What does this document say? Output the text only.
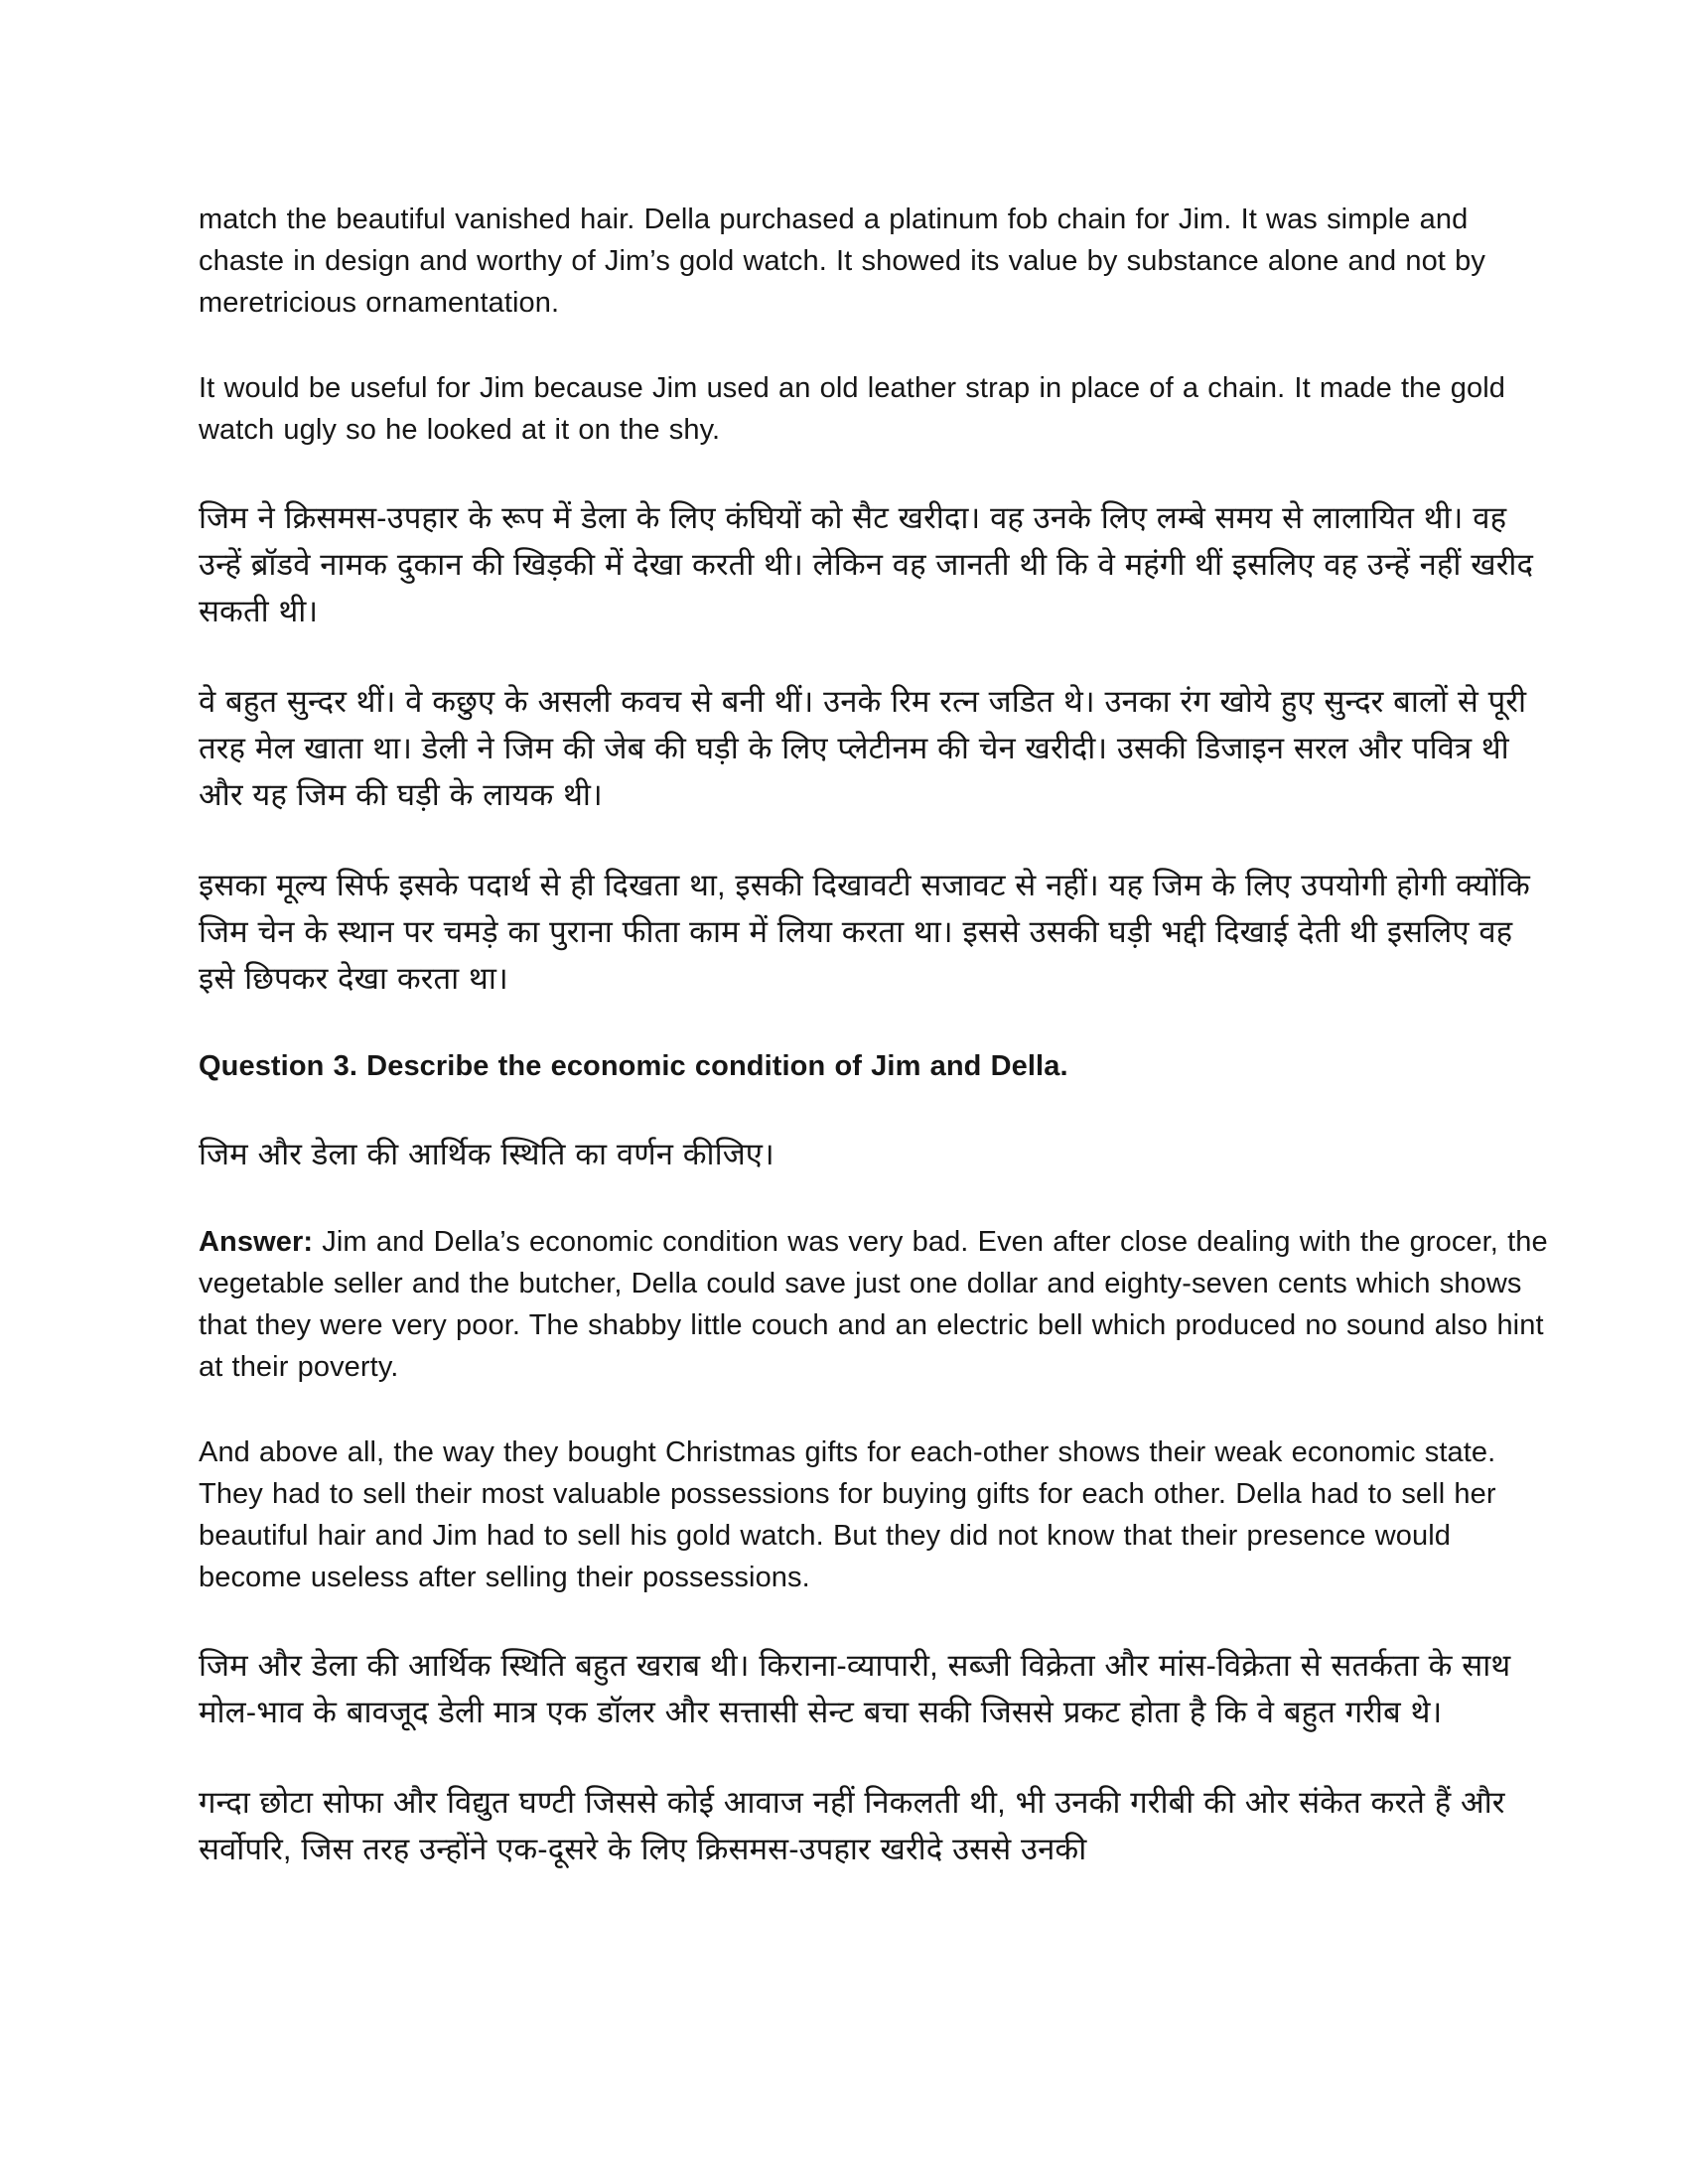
match the beautiful vanished hair. Della purchased a platinum fob chain for Jim. It was simple and chaste in design and worthy of Jim’s gold watch. It showed its value by substance alone and not by meretricious ornamentation.

It would be useful for Jim because Jim used an old leather strap in place of a chain. It made the gold watch ugly so he looked at it on the shy.

जिम ने क्रिसमस-उपहार के रूप में डेला के लिए कंघियों को सैट खरीदा। वह उनके लिए लम्बे समय से लालायित थी। वह उन्हें ब्रॉडवे नामक दुकान की खिड़की में देखा करती थी। लेकिन वह जानती थी कि वे महंगी थीं इसलिए वह उन्हें नहीं खरीद सकती थी।

वे बहुत सुन्दर थीं। वे कछुए के असली कवच से बनी थीं। उनके रिम रत्न जडित थे। उनका रंग खोये हुए सुन्दर बालों से पूरी तरह मेल खाता था। डेली ने जिम की जेब की घड़ी के लिए प्लेटीनम की चेन खरीदी। उसकी डिजाइन सरल और पवित्र थी और यह जिम की घड़ी के लायक थी।

इसका मूल्य सिर्फ इसके पदार्थ से ही दिखता था, इसकी दिखावटी सजावट से नहीं। यह जिम के लिए उपयोगी होगी क्योंकि जिम चेन के स्थान पर चमड़े का पुराना फीता काम में लिया करता था। इससे उसकी घड़ी भद्दी दिखाई देती थी इसलिए वह इसे छिपकर देखा करता था।

Question 3. Describe the economic condition of Jim and Della.

जिम और डेला की आर्थिक स्थिति का वर्णन कीजिए।

Answer: Jim and Della’s economic condition was very bad. Even after close dealing with the grocer, the vegetable seller and the butcher, Della could save just one dollar and eighty-seven cents which shows that they were very poor. The shabby little couch and an electric bell which produced no sound also hint at their poverty.

And above all, the way they bought Christmas gifts for each-other shows their weak economic state. They had to sell their most valuable possessions for buying gifts for each other. Della had to sell her beautiful hair and Jim had to sell his gold watch. But they did not know that their presence would become useless after selling their possessions.

जिम और डेला की आर्थिक स्थिति बहुत खराब थी। किराना-व्यापारी, सब्जी विक्रेता और मांस-विक्रेता से सतर्कता के साथ मोल-भाव के बावजूद डेली मात्र एक डॉलर और सत्तासी सेन्ट बचा सकी जिससे प्रकट होता है कि वे बहुत गरीब थे।

गन्दा छोटा सोफा और विद्युत घण्टी जिससे कोई आवाज नहीं निकलती थी, भी उनकी गरीबी की ओर संकेत करते हैं और सर्वोपरि, जिस तरह उन्होंने एक-दूसरे के लिए क्रिसमस-उपहार खरीदे उससे उनकी
